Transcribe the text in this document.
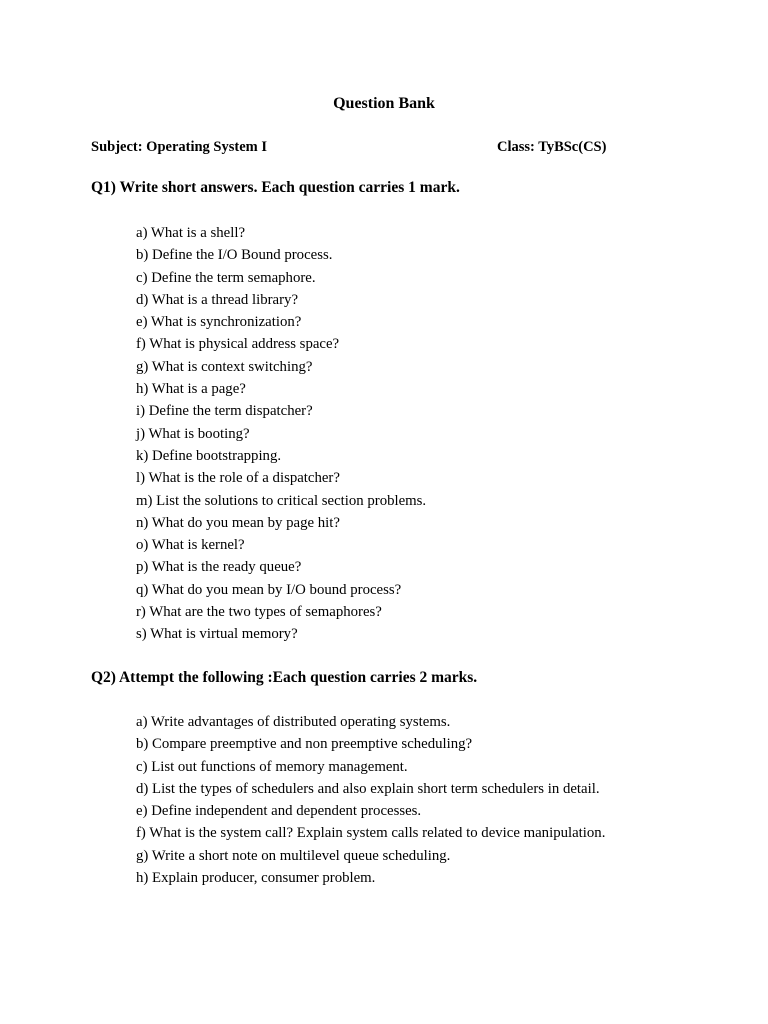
Question Bank
Subject: Operating System I	Class: TyBSc(CS)
Q1) Write short answers. Each question carries 1 mark.
a) What is a shell?
b) Define the I/O Bound process.
c) Define the term semaphore.
d) What is a thread library?
e) What is synchronization?
f) What is physical address space?
g) What is context switching?
h) What is a page?
i) Define the term dispatcher?
j) What is booting?
k) Define bootstrapping.
l) What is the role of a dispatcher?
m) List the solutions to critical section problems.
n) What do you mean by page hit?
o) What is kernel?
p) What is the ready queue?
q) What do you mean by I/O bound process?
r) What are the two types of semaphores?
s) What is virtual memory?
Q2) Attempt the following :Each question carries 2 marks.
a) Write advantages of distributed operating systems.
b) Compare preemptive and non preemptive scheduling?
c) List out functions of memory management.
d) List the types of schedulers and also explain short term schedulers in detail.
e) Define independent and dependent processes.
f) What is the system call? Explain system calls related to device manipulation.
g) Write a short note on multilevel queue scheduling.
h) Explain producer, consumer problem.
